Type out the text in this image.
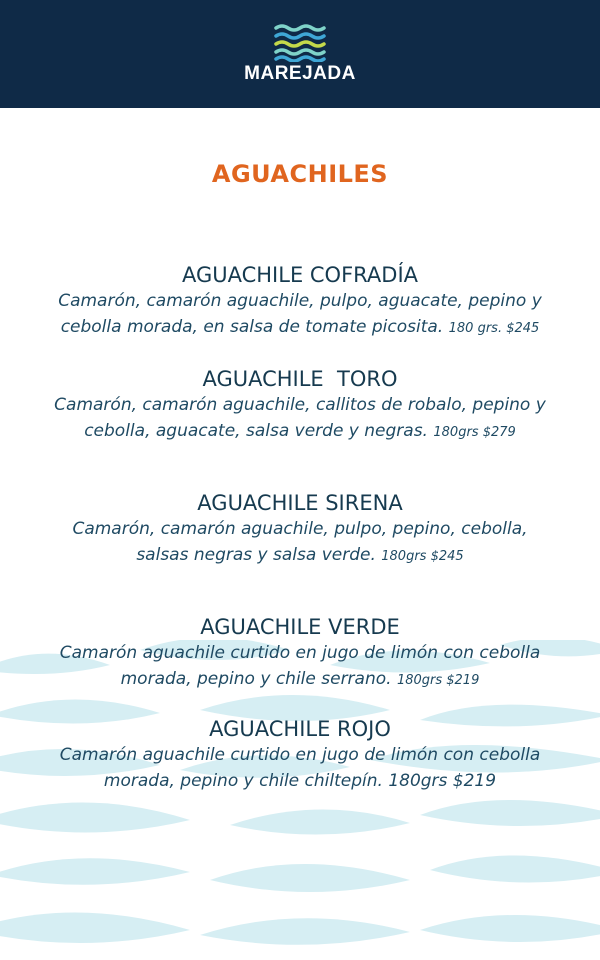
MAREJADA
AGUACHILES
AGUACHILE COFRADÍA
Camarón, camarón aguachile, pulpo, aguacate, pepino y
cebolla morada, en salsa de tomate picosita. 180 grs. $245
AGUACHILE  TORO
Camarón, camarón aguachile, callitos de robalo, pepino y
cebolla, aguacate, salsa verde y negras. 180grs $279
AGUACHILE SIRENA
Camarón, camarón aguachile, pulpo, pepino, cebolla,
salsas negras y salsa verde. 180grs $245
AGUACHILE VERDE
Camarón aguachile curtido en jugo de limón con cebolla
morada, pepino y chile serrano. 180grs $219
AGUACHILE ROJO
Camarón aguachile curtido en jugo de limón con cebolla
morada, pepino y chile chiltepín. 180grs $219
